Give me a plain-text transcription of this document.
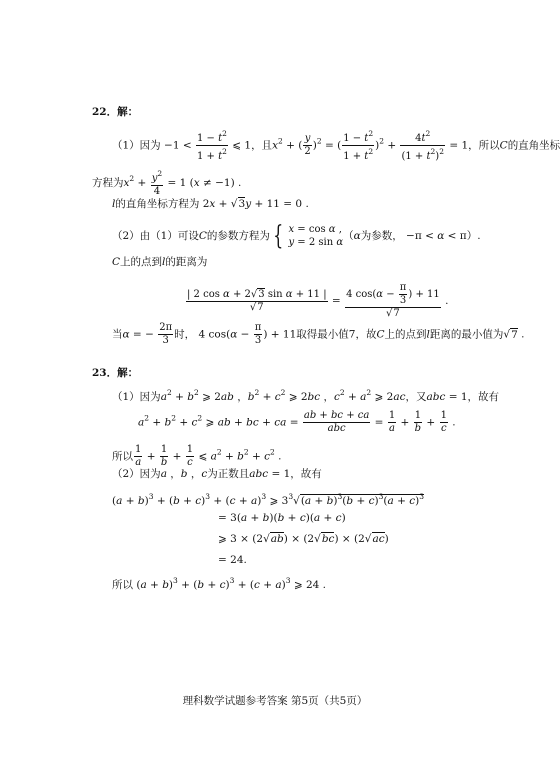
22．解：
（1）因为 $-1 < \frac{1 - t^2}{1 + t^2}$ ⩽ 1，且$x^2$ + ( $\frac{y}{2} )^2$ = ( $\frac{1 - t^2}{1 + t^2} )^2 + \frac{4t^2}{(1 + t^2)^2} = 1$，所以C的直角坐标
方程为$x^2 + \frac{y^2}{4} = 1$ (x ≠ −1) .
l的直角坐标方程为 2x + √3y + 11 = 0 .
（2）由（1）可设C的参数方程为 { x = cos α ,
y = 2 sin α（α为参数， −π < α < π）.
C上的点到l的距离为
$\frac{\text{| 2 cos α + 2√3 sin α + 11 |}}{√7} = \frac{4 \cos(\alpha - \frac{\pi}{3} ) + 11}{√7}$ .
当α = − $\frac{2\pi}{3}$ 时， 4 $\cos(\alpha - \frac{\pi}{3}$ ) + 11取得最小值7，故C上的点到l距离的最小值为√7 .
23．解：
（1）因为$a^2 + b^2$ ⩾ 2ab ，$b^2 + c^2$ ⩾ 2bc ，$c^2 + a^2$ ⩾ 2ac，又abc = 1，故有
$a^2 + b^2 + c^2$ ⩾ ab + bc + ca =
ab + bc + ca
abc	= $\frac{1}{a} + \frac{1}{b} + \frac{1}{c}$ .
所以 $\frac{1}{a} + \frac{1}{b} + \frac{1}{c}$ ⩽ $a^2 + b^2 + c^2$ .
（2）因为a ，b ，c为正数且abc = 1，故有
$(a + b)^3 + (b + c)^3 + (c + a)^3$ ⩾ $3^3√(a + b)^3(b + c)^3(a + c)^3$
= 3(a + b)(b + c)(a + c)
⩾ 3 × (2√ab) × (2√bc) × (2√ac)
= 24.
所以 $(a + b)^3 + (b + c)^3 + (c + a)^3$ ⩾ 24 .
理科数学试题参考答案 第5页（共5页）
